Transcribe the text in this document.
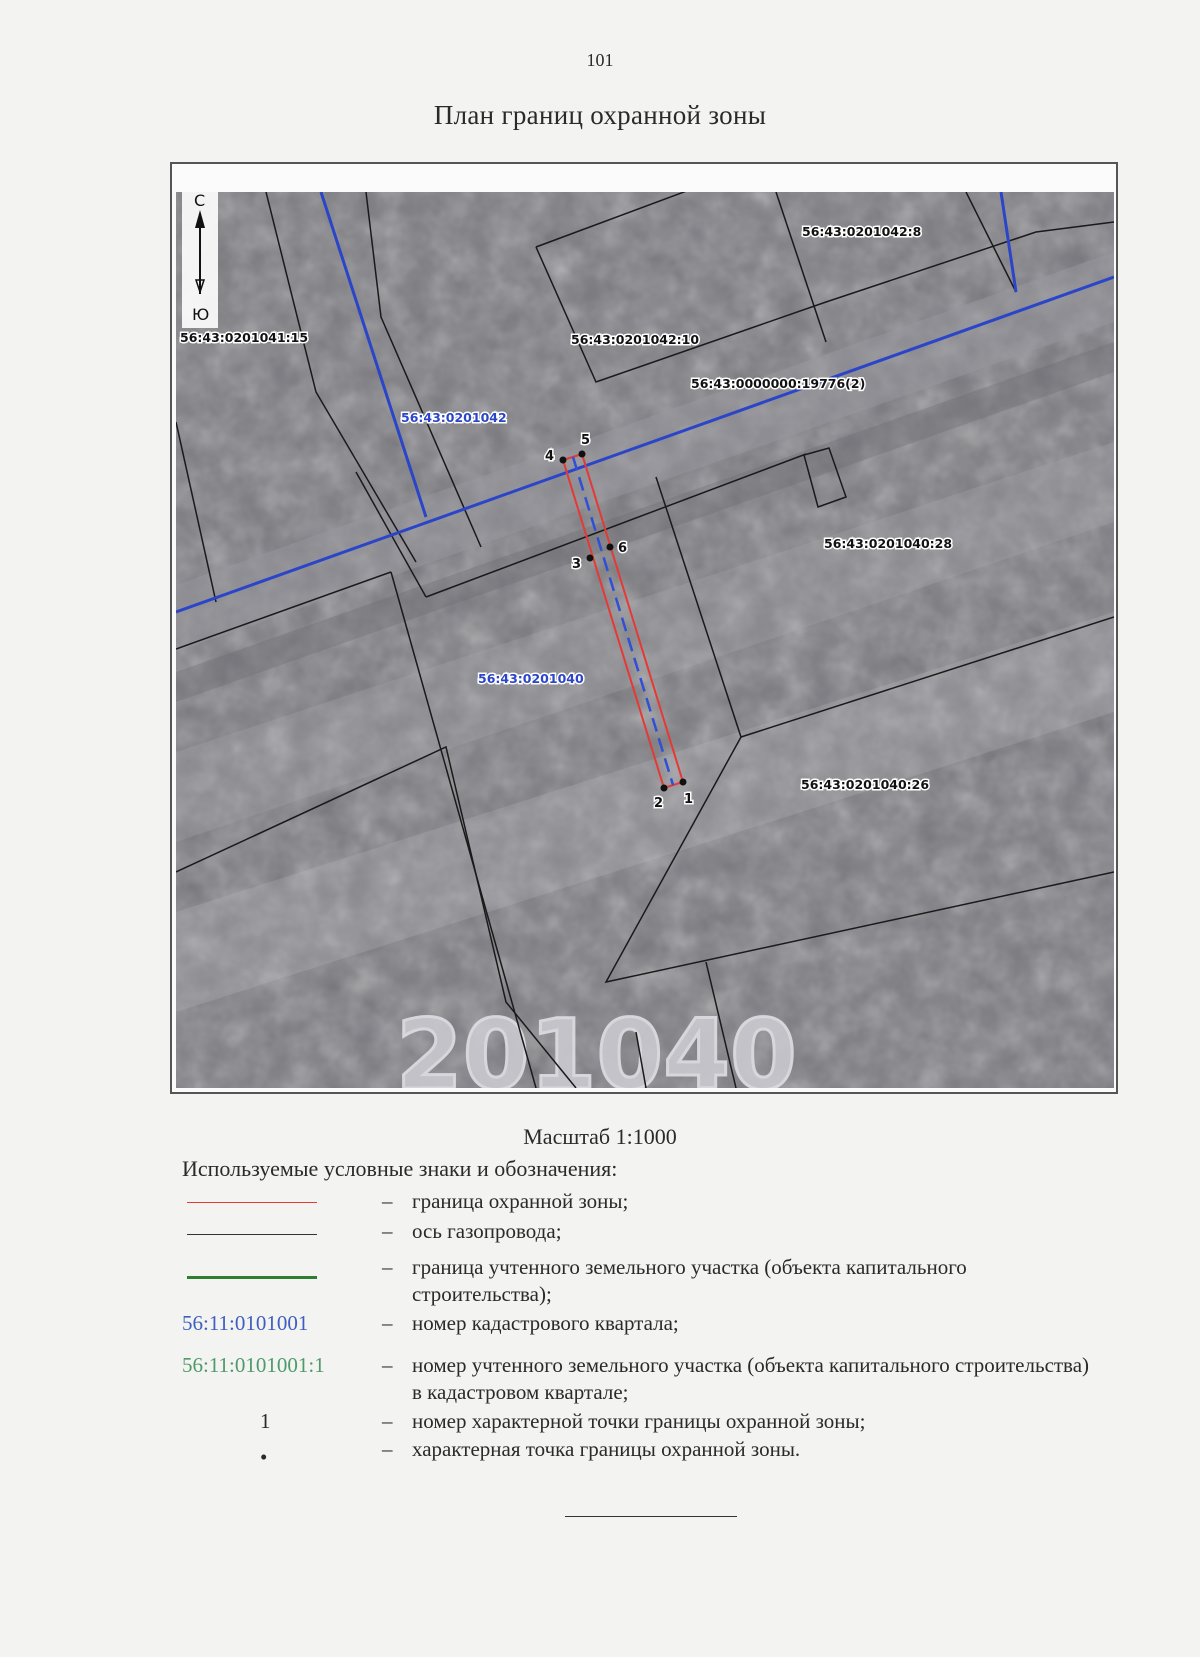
101
План границ охранной зоны
201040
1
2
3
4
5
6
56:43:0201042:8
56:43:0201041:15	56:43:0201042:10
56:43:0000000:19776(2)
56:43:0201040:28
56:43:0201040:26
56:43:0201042
56:43:0201040
С
Ю
Масштаб 1:1000
Используемые условные знаки и обозначения:
– граница охранной зоны;
– ось газопровода;
– граница учтенного земельного участка (объекта капитального строительства);
56:11:0101001	– номер кадастрового квартала;
56:11:0101001:1	– номер учтенного земельного участка (объекта капитального строительства) в кадастровом квартале;
1	– номер характерной точки границы охранной зоны;
•	– характерная точка границы охранной зоны.
